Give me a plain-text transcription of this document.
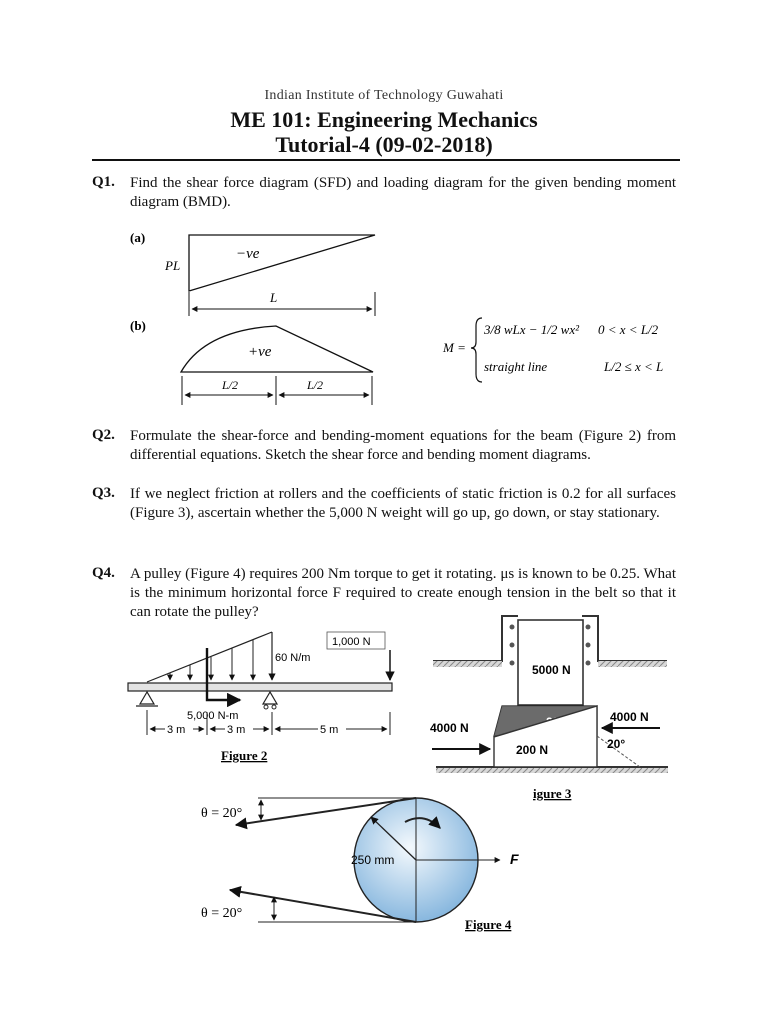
Indian Institute of Technology Guwahati
ME 101: Engineering Mechanics
Tutorial-4 (09-02-2018)
Q1. Find the shear force diagram (SFD) and loading diagram for the given bending moment diagram (BMD).
Q2. Formulate the shear-force and bending-moment equations for the beam (Figure 2) from differential equations. Sketch the shear force and bending moment diagrams.
Q3. If we neglect friction at rollers and the coefficients of static friction is 0.2 for all surfaces (Figure 3), ascertain whether the 5,000 N weight will go up, go down, or stay stationary.
Q4. A pulley (Figure 4) requires 200 Nm torque to get it rotating. μs is known to be 0.25. What is the minimum horizontal force F required to create enough tension in the belt so that it can rotate the pulley?
(a)
−ve
PL
L
(b)
+ve
L/2	L/2
M =
3/8 wLx − 1/2 wx² 0 < x < L/2
straight line	L/2 ≤ x < L
60 N/m
1,000 N
5,000 N-m
3 m	3 m	5 m
Figure 2
5000 N
200 N
4000 N
4000 N
20°
igure 3
F
250 mm
θ = 20°
θ = 20°
Figure 4
